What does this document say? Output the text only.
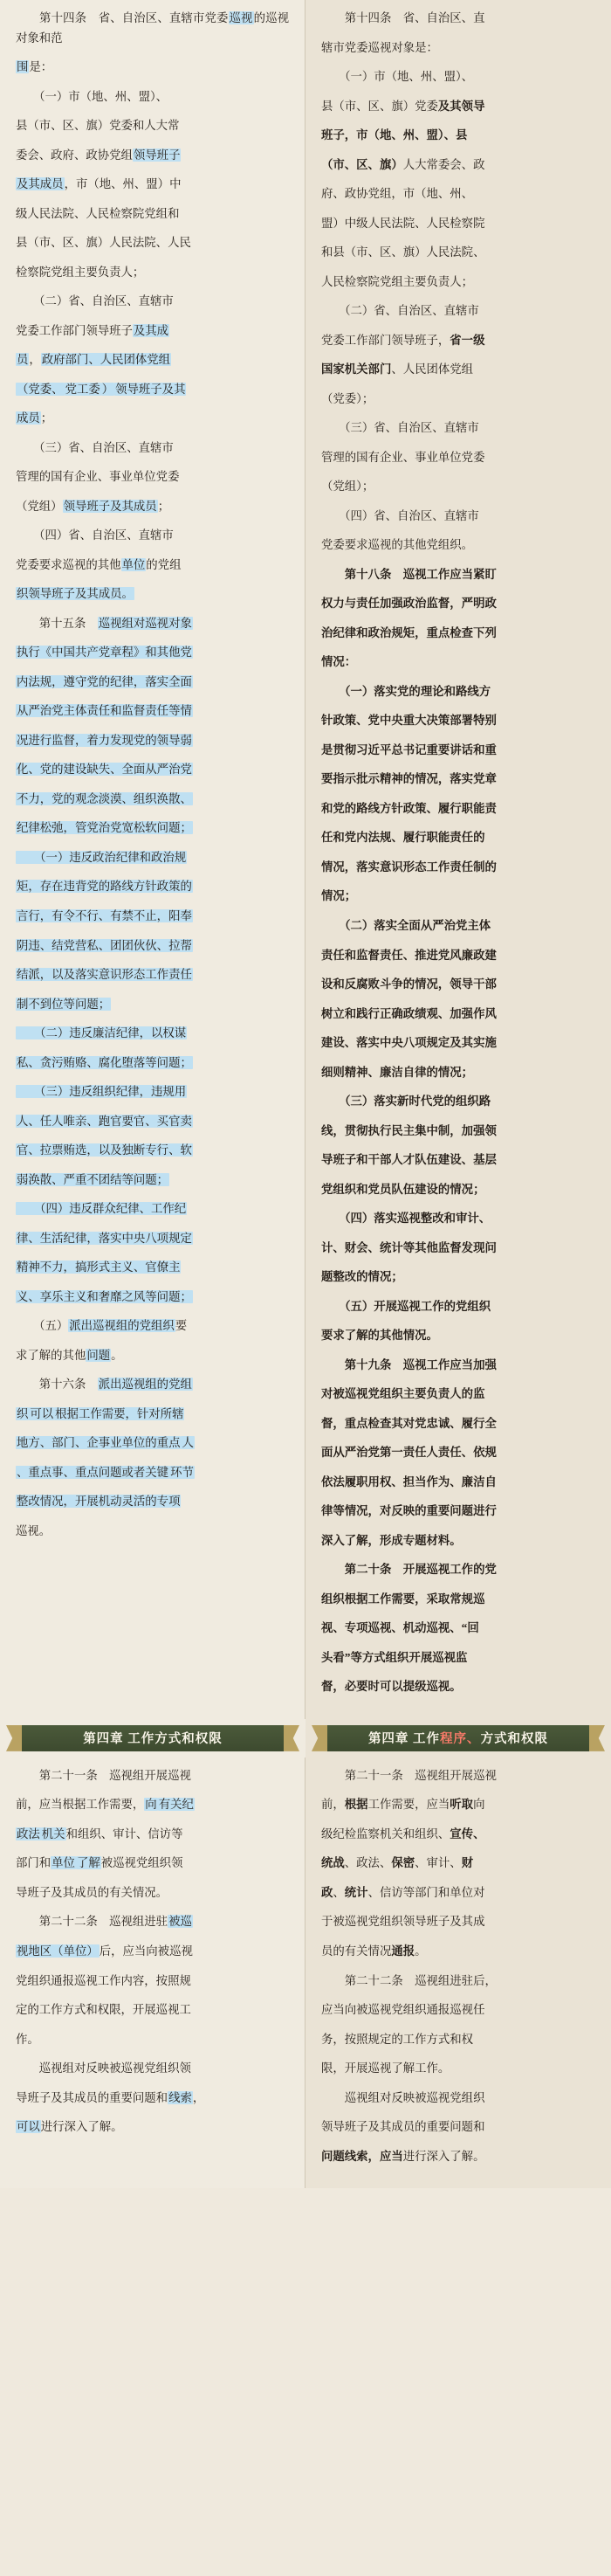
　　第十四条　省、自治区、直辖市党委巡视的巡视对象和范

围是：

　　（一）市（地、州、盟）、

县（市、区、旗）党委和人大常

委会、政府、政协党组领导班子

及其成员，市（地、州、盟）中

级人民法院、人民检察院党组和

县（市、区、旗）人民法院、人民

检察院党组主要负责人；

　　（二）省、自治区、直辖市

党委工作部门领导班子及其成

员，政府部门、人民团体党组

（党委、 党工委 ） 领导班子及其

成员；

　　（三）省、自治区、直辖市

管理的国有企业、事业单位党委

（党组）领导班子及其成员；

　　（四）省、自治区、直辖市

党委要求巡视的其他单位的党组

织领导班子及其成员。

　　第十五条　巡视组对巡视对象

执行《中国共产党章程》和其他党

内法规，遵守党的纪律，落实全面

从严治党主体责任和监督责任等情

况进行监督，着力发现党的领导弱

化、党的建设缺失、全面从严治党

不力，党的观念淡漠、组织涣散、

纪律松弛，管党治党宽松软问题；

　　（一）违反政治纪律和政治规

矩，存在违背党的路线方针政策的

言行，有令不行、有禁不止，阳奉

阴违、结党营私、团团伙伙、拉帮

结派，以及落实意识形态工作责任

制不到位等问题；

　　（二）违反廉洁纪律，以权谋

私、贪污贿赂、腐化堕落等问题；

　　（三）违反组织纪律，违规用

人、任人唯亲、跑官要官、买官卖

官、拉票贿选，以及独断专行、软

弱涣散、严重不团结等问题；

　　（四）违反群众纪律、工作纪

律、生活纪律，落实中央八项规定

精神不力，搞形式主义、官僚主

义、享乐主义和奢靡之风等问题；

　　（五）派出巡视组的党组织要

求了解的其他问题。

　　第十六条　派出巡视组的党组

织 可以 根据工作需要，针对所辖

地方、部门、企事业单位的重点 人

、重点事、重点问题或者关键 环节

整改情况，开展机动灵活的专项

巡视。

　　第十四条　省、自治区、直

辖市党委巡视对象是：

　　（一）市（地、州、盟）、

县（市、区、旗）党委及其领导

班子，市（地、州、盟）、县

（市、区、旗）人大常委会、政

府、政协党组，市（地、州、

盟）中级人民法院、人民检察院

和县（市、区、旗）人民法院、

人民检察院党组主要负责人；

　　（二）省、自治区、直辖市

党委工作部门领导班子，省一级

国家机关部门、人民团体党组

（党委）；

　　（三）省、自治区、直辖市

管理的国有企业、事业单位党委

（党组）；

　　（四）省、自治区、直辖市

党委要求巡视的其他党组织。

　　第十八条　巡视工作应当紧盯

权力与责任加强政治监督，严明政

治纪律和政治规矩，重点检查下列

情况：

　　（一）落实党的理论和路线方

针政策、党中央重大决策部署特别

是贯彻习近平总书记重要讲话和重

要指示批示精神的情况，落实党章

和党的路线方针政策、履行职能责

任和党内法规、履行职能责任的

情况，落实意识形态工作责任制的

情况；

　　（二）落实全面从严治党主体

责任和监督责任、推进党风廉政建

设和反腐败斗争的情况，领导干部

树立和践行正确政绩观、加强作风

建设、落实中央八项规定及其实施

细则精神、廉洁自律的情况；

　　（三）落实新时代党的组织路

线，贯彻执行民主集中制，加强领

导班子和干部人才队伍建设、基层

党组织和党员队伍建设的情况；

　　（四）落实巡视整改和审计、

计、财会、统计等其他监督发现问

题整改的情况；

　　（五）开展巡视工作的党组织

要求了解的其他情况。

　　第十九条　巡视工作应当加强

对被巡视党组织主要负责人的监

督，重点检查其对党忠诚、履行全

面从严治党第一责任人责任、依规

依法履职用权、担当作为、廉洁自

律等情况，对反映的重要问题进行

深入了解，形成专题材料。

　　第二十条　开展巡视工作的党

组织根据工作需要，采取常规巡

视、专项巡视、机动巡视、“回

头看”等方式组织开展巡视监

督，必要时可以提级巡视。

第四章 工作方式和权限	第四章 工作 程序、 方式和权限

　　第二十一条　巡视组开展巡视

前，应当根据工作需要，向 有关纪

政法 机关和组织、审计、信访等

部门和单位 了解被巡视党组织领

导班子及其成员的有关情况。

　　第二十二条　巡视组进驻被巡

视地区（单位）后，应当向被巡视

党组织通报巡视工作内容，按照规

定的工作方式和权限，开展巡视工

作。

　　巡视组对反映被巡视党组织领

导班子及其成员的重要问题和线索，

可以进行深入了解。

　　第二十一条　巡视组开展巡视

前，根据工作需要，应当听取向

级纪检监察机关和组织、宣传、

统战、政法、保密、审计、财

政、统计、信访等部门和单位对

于被巡视党组织领导班子及其成

员的有关情况通报。

　　第二十二条　巡视组进驻后，

应当向被巡视党组织通报巡视任

务，按照规定的工作方式和权

限，开展巡视了解工作。

　　巡视组对反映被巡视党组织

领导班子及其成员的重要问题和

问题线索，应当进行深入了解。
